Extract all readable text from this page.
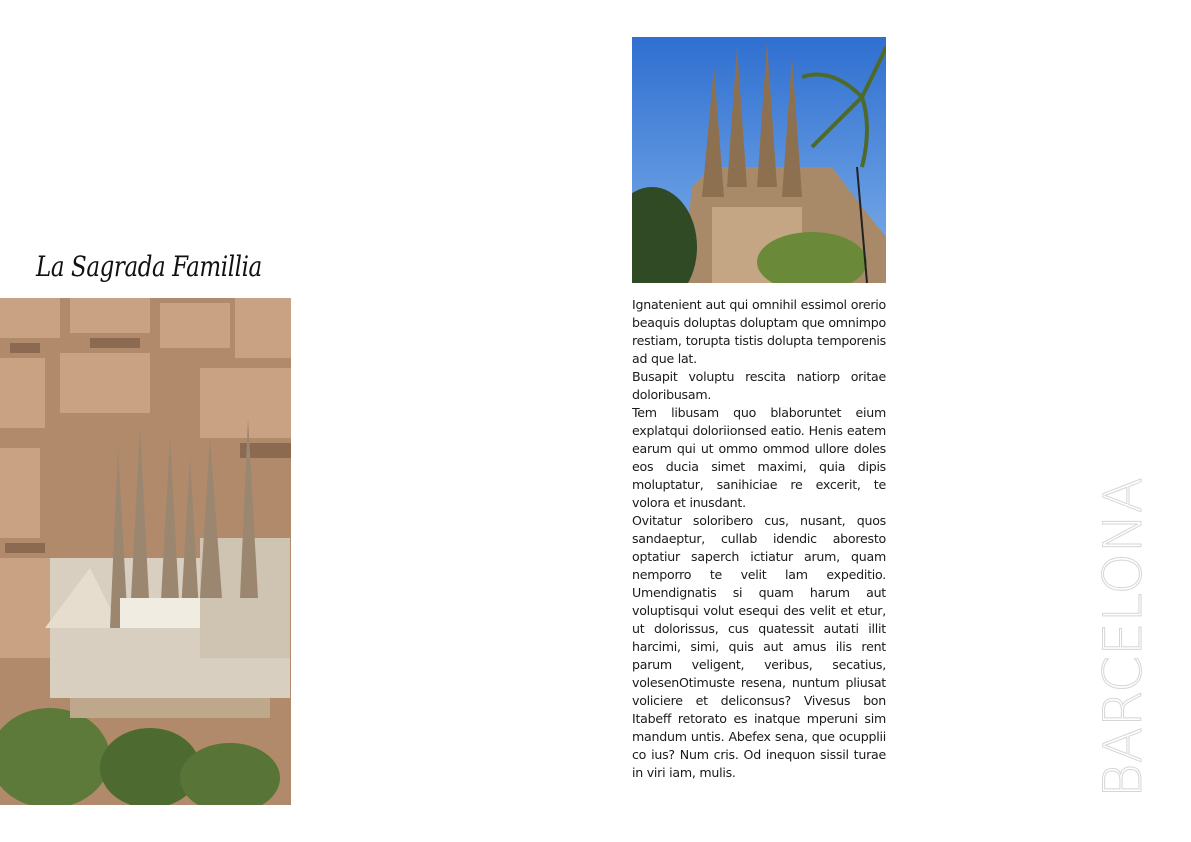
La Sagrada Famillia

Ignatenient aut qui omnihil essimol orerio beaquis doluptas doluptam que omnimpo restiam, torupta tistis dolupta temporenis ad que lat.

Busapit voluptu rescita natiorp oritae doloribusam.

Tem libusam quo blaboruntet eium explatqui doloriionsed eatio. Henis eatem earum qui ut ommo ommod ullore doles eos ducia simet maximi, quia dipis moluptatur, sanihiciae re excerit, te volora et inusdant.

Ovitatur soloribero cus, nusant, quos sandaeptur, cullab idendic aboresto optatiur saperch ictiatur arum, quam nemporro te velit lam expeditio. Umendignatis si quam harum aut voluptisqui volut esequi des velit et etur, ut dolorissus, cus quatessit autati illit harcimi, simi, quis aut amus ilis rent parum veligent, veribus, secatius, volesenOtimuste resena, nuntum pliusat voliciere et deliconsus? Vivesus bon Itabeff retorato es inatque mperuni sim mandum untis. Abefex sena, que ocupplii co ius? Num cris. Od inequon sissil turae in viri iam, mulis.	BARCELONA
